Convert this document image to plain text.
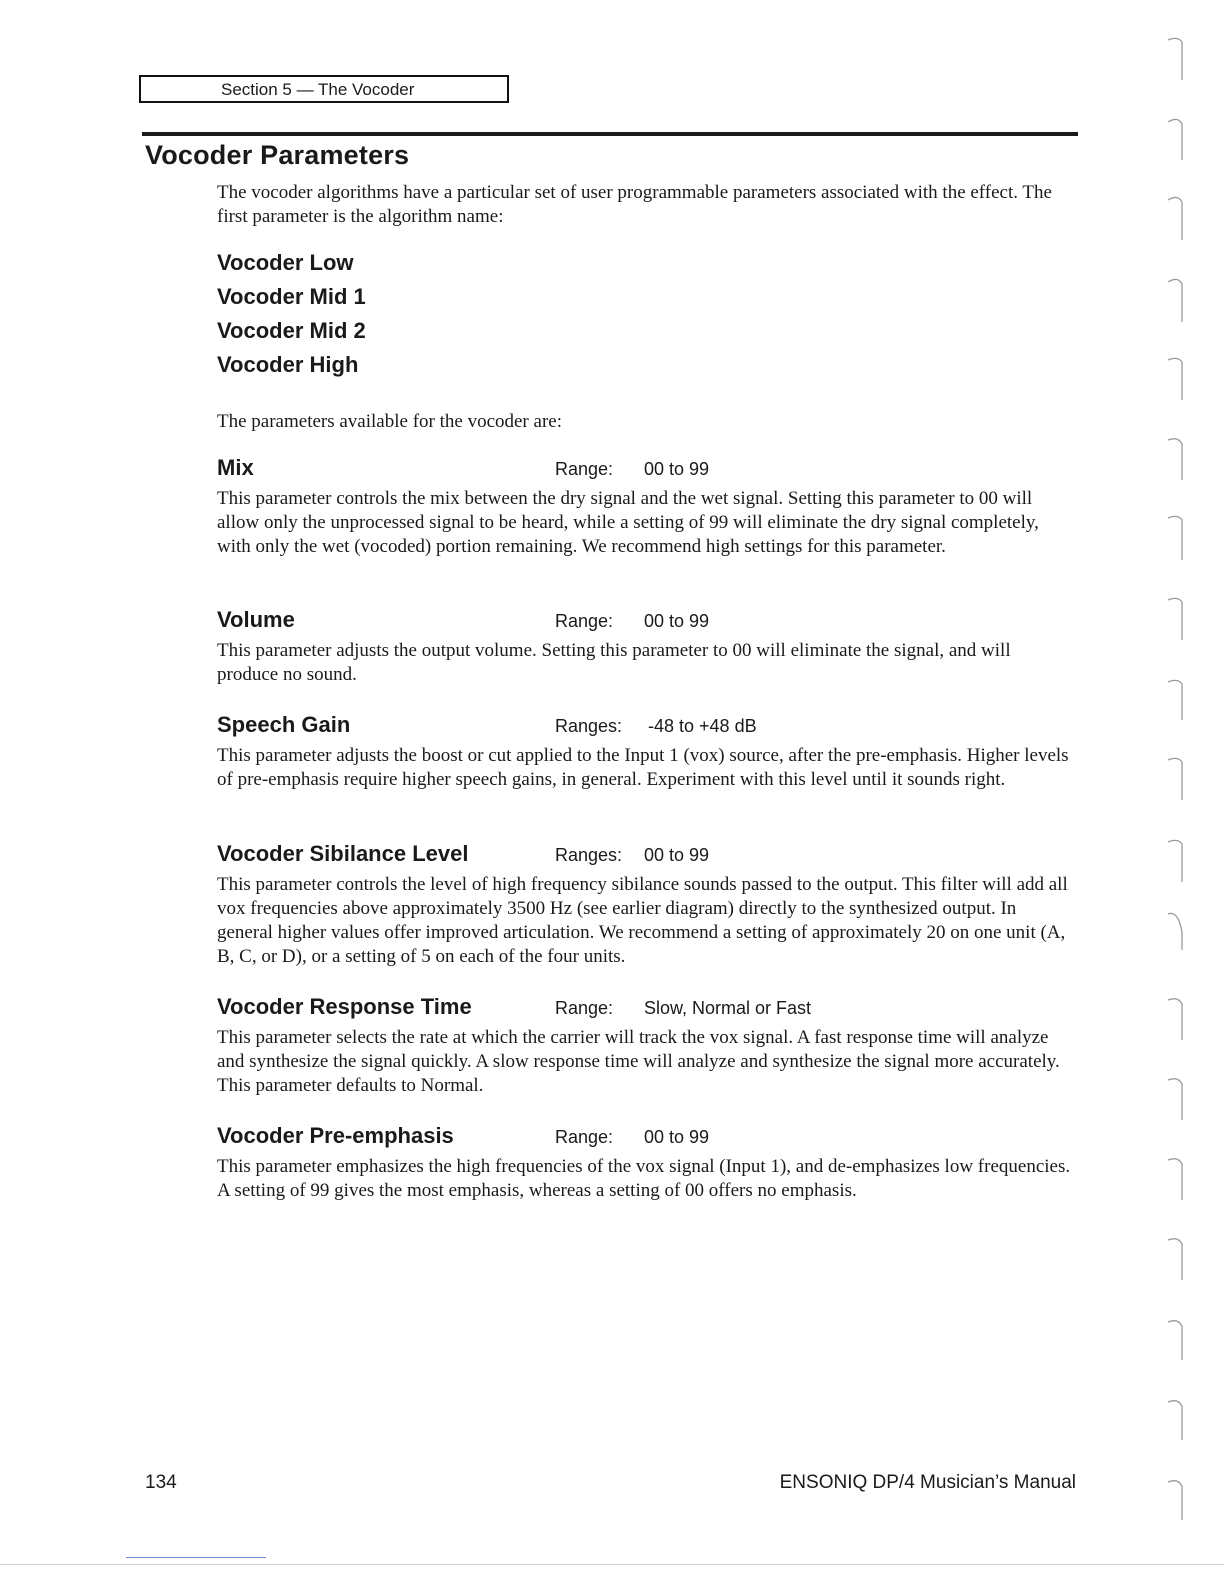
Section 5 — The Vocoder
Vocoder Parameters

The vocoder algorithms have a particular set of user programmable parameters associated with the effect. The first parameter is the algorithm name:

Vocoder Low
Vocoder Mid 1
Vocoder Mid 2
Vocoder High

The parameters available for the vocoder are:

Mix	Range: 00 to 99

This parameter controls the mix between the dry signal and the wet signal. Setting this parameter to 00 will allow only the unprocessed signal to be heard, while a setting of 99 will eliminate the dry signal completely, with only the wet (vocoded) portion remaining. We recommend high settings for this parameter.

Volume	Range: 00 to 99

This parameter adjusts the output volume. Setting this parameter to 00 will eliminate the signal, and will produce no sound.

Speech Gain	Ranges: -48 to +48 dB

This parameter adjusts the boost or cut applied to the Input 1 (vox) source, after the pre-emphasis. Higher levels of pre-emphasis require higher speech gains, in general. Experiment with this level until it sounds right.

Vocoder Sibilance Level	Ranges: 00 to 99

This parameter controls the level of high frequency sibilance sounds passed to the output. This filter will add all vox frequencies above approximately 3500 Hz (see earlier diagram) directly to the synthesized output. In general higher values offer improved articulation. We recommend a setting of approximately 20 on one unit (A, B, C, or D), or a setting of 5 on each of the four units.

Vocoder Response Time	Range: Slow, Normal or Fast

This parameter selects the rate at which the carrier will track the vox signal. A fast response time will analyze and synthesize the signal quickly. A slow response time will analyze and synthesize the signal more accurately. This parameter defaults to Normal.

Vocoder Pre-emphasis	Range: 00 to 99

This parameter emphasizes the high frequencies of the vox signal (Input 1), and de-emphasizes low frequencies. A setting of 99 gives the most emphasis, whereas a setting of 00 offers no emphasis.

134	ENSONIQ DP/4 Musician’s Manual
